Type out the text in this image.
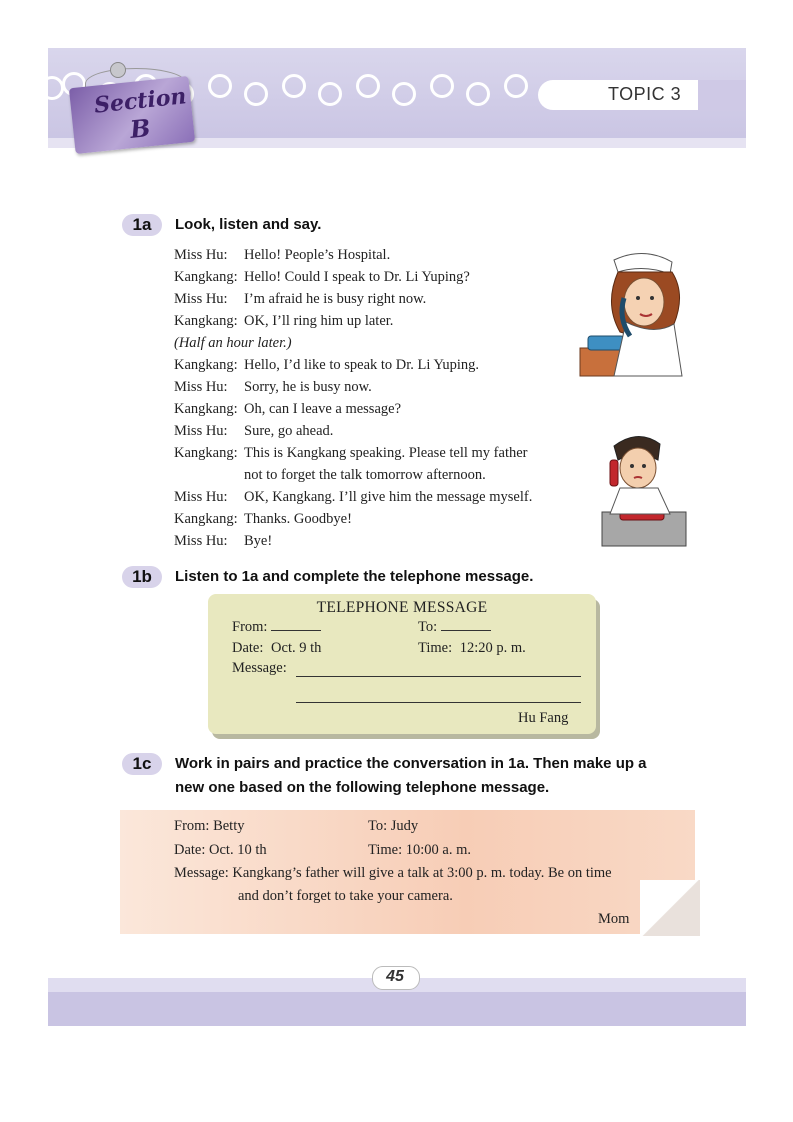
TOPIC 3
Section
B
1a	Look, listen and say.
Miss Hu: Hello! People’s Hospital.
Kangkang: Hello! Could I speak to Dr. Li Yuping?
Miss Hu: I’m afraid he is busy right now.
Kangkang: OK, I’ll ring him up later.
(Half an hour later.)
Kangkang: Hello, I’d like to speak to Dr. Li Yuping.
Miss Hu: Sorry, he is busy now.
Kangkang: Oh, can I leave a message?
Miss Hu: Sure, go ahead.
Kangkang: This is Kangkang speaking. Please tell my father
not to forget the talk tomorrow afternoon.
Miss Hu: OK, Kangkang. I’ll give him the message myself.
Kangkang: Thanks. Goodbye!
Miss Hu: Bye!
1b	Listen to 1a and complete the telephone message.
TELEPHONE MESSAGE
From:	To:
Date: Oct. 9 th	Time: 12:20 p. m.
Message:
Hu Fang
1c	Work in pairs and practice the conversation in 1a. Then make up a
new one based on the following telephone message.
From: Betty	To: Judy
Date: Oct. 10 th	Time: 10:00 a. m.
Message: Kangkang’s father will give a talk at 3:00 p. m. today. Be on time
and don’t forget to take your camera.
Mom
45
